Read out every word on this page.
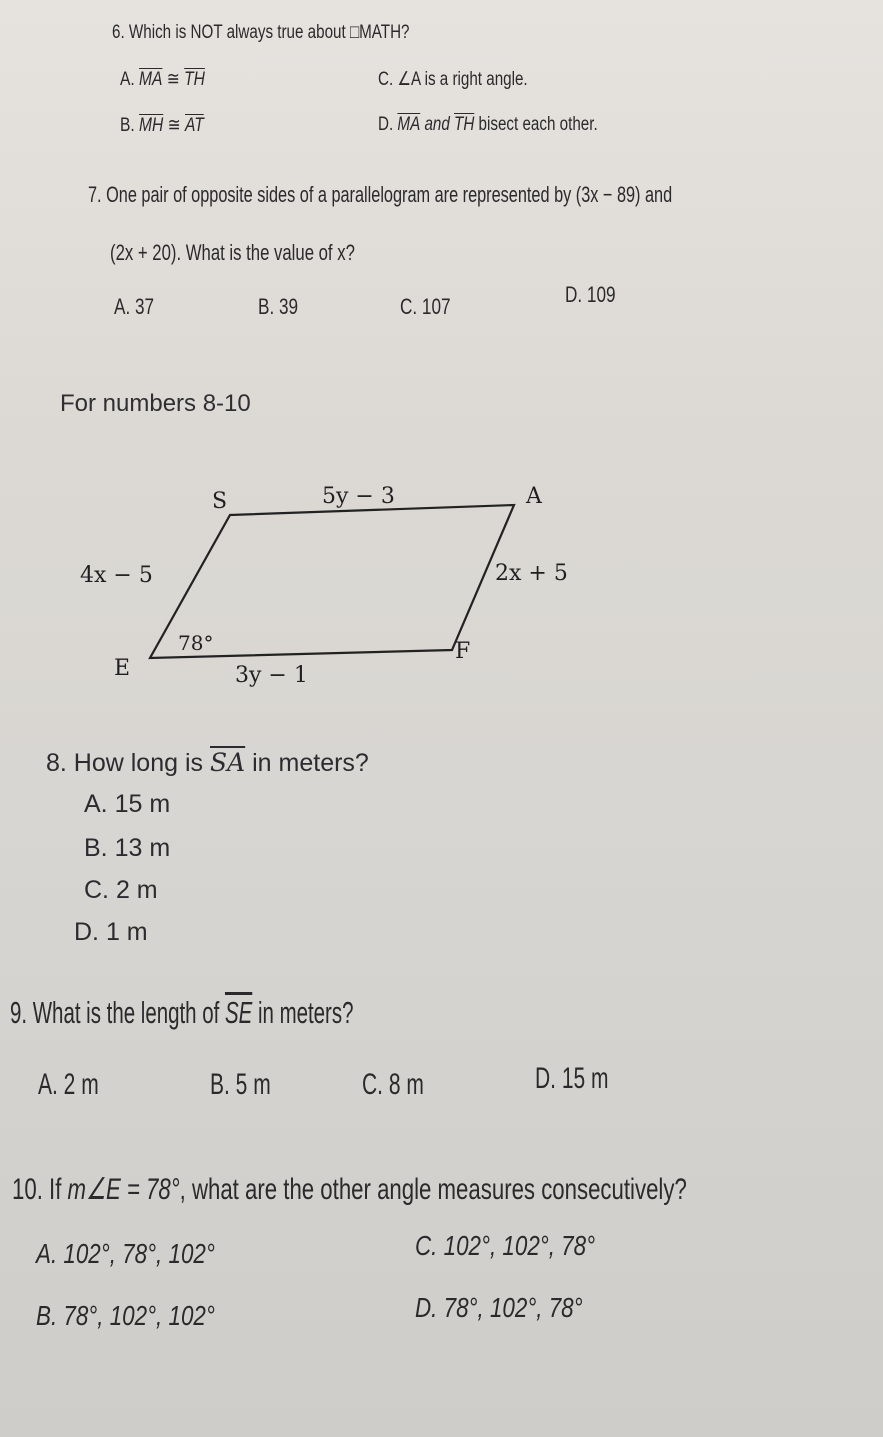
6. Which is NOT always true about □MATH?
A. $\overline{MA}$ ≅ $\overline{TH}$	C. ∠A is a right angle.
B. $\overline{MH}$ ≅ $\overline{AT}$	D. $\overline{MA}$ and $\overline{TH}$ bisect each other.
7. One pair of opposite sides of a parallelogram are represented by (3x − 89) and
(2x + 20). What is the value of x?
A. 37	B. 39	C. 107	D. 109
For numbers 8-10
S	A
E
F
5y − 3
4x − 5	2x + 5
3y − 1
78°
8. How long is $\overline{SA}$ in meters?
A. 15 m
B. 13 m
C. 2 m
D. 1 m
9. What is the length of $\overline{SE}$ in meters?
A. 2 m	B. 5 m	C. 8 m	D. 15 m
10. If m∠E = 78°, what are the other angle measures consecutively?
A. 102°, 78°, 102°	C. 102°, 102°, 78°
B. 78°, 102°, 102°	D. 78°, 102°, 78°
